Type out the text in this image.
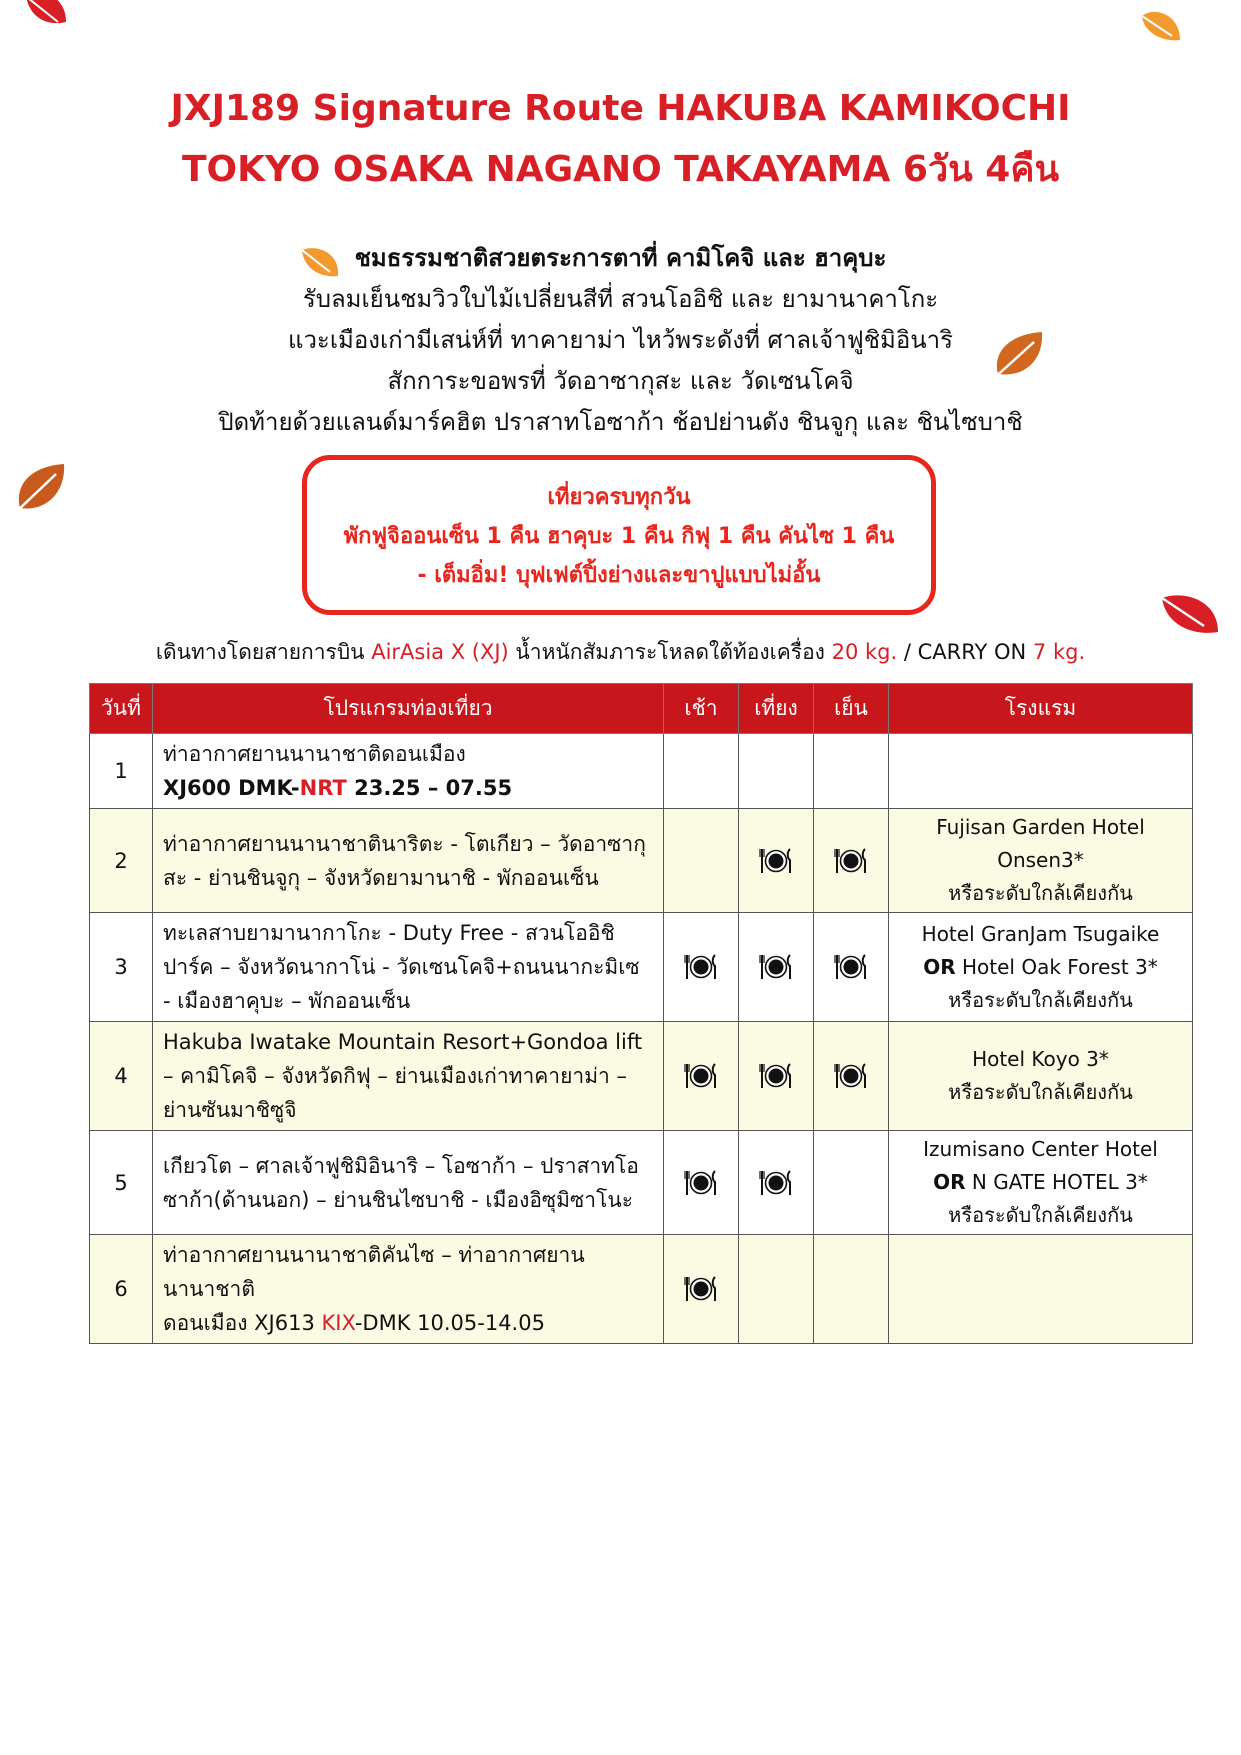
JXJ189 Signature Route HAKUBA KAMIKOCHI
TOKYO OSAKA NAGANO TAKAYAMA 6วัน 4คืน
ชมธรรมชาติสวยตระการตาที่ คามิโคจิ และ ฮาคุบะ
รับลมเย็นชมวิวใบไม้เปลี่ยนสีที่ สวนโออิชิ และ ยามานาคาโกะ
แวะเมืองเก่ามีเสน่ห์ที่ ทาคายาม่า ไหว้พระดังที่ ศาลเจ้าฟูชิมิอินาริ
สักการะขอพรที่ วัดอาซากุสะ และ วัดเซนโคจิ
ปิดท้ายด้วยแลนด์มาร์คฮิต ปราสาทโอซาก้า ช้อปย่านดัง ชินจูกุ และ ชินไซบาชิ
เที่ยวครบทุกวัน
พักฟูจิออนเซ็น 1 คืน ฮาคุบะ 1 คืน กิฟุ 1 คืน คันไซ 1 คืน
- เต็มอิ่ม! บุฟเฟต์ปิ้งย่างและขาปูแบบไม่อั้น
เดินทางโดยสายการบิน AirAsia X (XJ) น้ำหนักสัมภาระโหลดใต้ท้องเครื่อง 20 kg. / CARRY ON 7 kg.
วันที่	โปรแกรมท่องเที่ยว	เช้า	เที่ยง	เย็น	โรงแรม
1	ท่าอากาศยานนานาชาติดอนเมือง
XJ600 DMK-NRT 23.25 – 07.55				

2	ท่าอากาศยานนานาชาตินาริตะ - โตเกียว – วัดอาซากุสะ - ย่านชินจูกุ – จังหวัดยามานาชิ - พักออนเซ็น				Fujisan Garden Hotel Onsen3*
หรือระดับใกล้เคียงกัน

3	ทะเลสาบยามานากาโกะ - Duty Free - สวนโออิชิปาร์ค – จังหวัดนากาโน่ - วัดเซนโคจิ+ถนนนากะมิเซ - เมืองฮาคุบะ – พักออนเซ็น				Hotel GranJam Tsugaike
OR Hotel Oak Forest 3*
หรือระดับใกล้เคียงกัน

4	Hakuba Iwatake Mountain Resort+Gondoa lift – คามิโคจิ – จังหวัดกิฟุ – ย่านเมืองเก่าทาคายาม่า – ย่านซันมาชิซูจิ				Hotel Koyo 3*
หรือระดับใกล้เคียงกัน

5	เกียวโต – ศาลเจ้าฟูชิมิอินาริ – โอซาก้า – ปราสาทโอซาก้า(ด้านนอก) – ย่านชินไซบาชิ - เมืองอิซุมิซาโนะ				Izumisano Center Hotel
OR N GATE HOTEL 3*
หรือระดับใกล้เคียงกัน

6	ท่าอากาศยานนานาชาติคันไซ – ท่าอากาศยานนานาชาติ
ดอนเมือง XJ613 KIX-DMK 10.05-14.05
